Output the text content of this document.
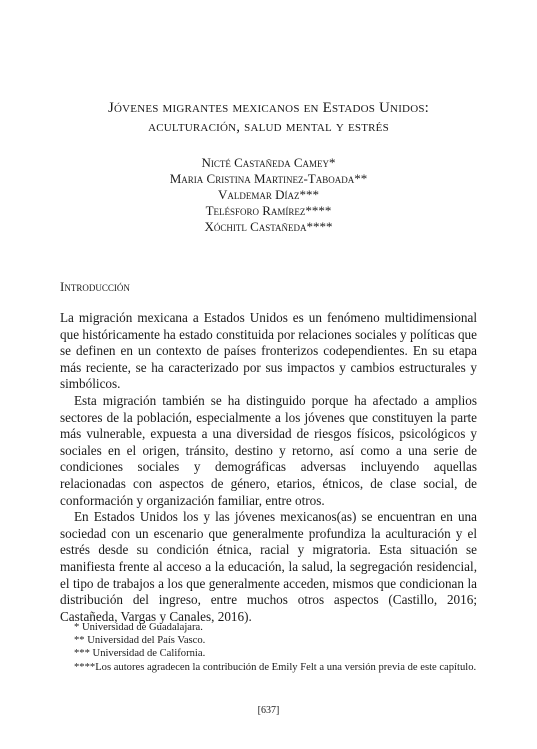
Jóvenes migrantes mexicanos en Estados Unidos:
aculturación, salud mental y estrés
Nicté Castañeda Camey*
Maria Cristina Martinez-Taboada**
Valdemar Díaz***
Telésforo Ramírez****
Xóchitl Castañeda****
Introducción

La migración mexicana a Estados Unidos es un fenómeno multidimensional que históricamente ha estado constituida por relaciones sociales y políticas que se definen en un contexto de países fronterizos codependientes. En su etapa más reciente, se ha caracterizado por sus impactos y cambios estructurales y simbólicos.

Esta migración también se ha distinguido porque ha afectado a amplios sectores de la población, especialmente a los jóvenes que constituyen la parte más vulnerable, expuesta a una diversidad de riesgos físicos, psicológicos y sociales en el origen, tránsito, destino y retorno, así como a una serie de condiciones sociales y demográficas adversas incluyendo aquellas relacionadas con aspectos de género, etarios, étnicos, de clase social, de conformación y organización familiar, entre otros.

En Estados Unidos los y las jóvenes mexicanos(as) se encuentran en una sociedad con un escenario que generalmente profundiza la aculturación y el estrés desde su condición étnica, racial y migratoria. Esta situación se manifiesta frente al acceso a la educación, la salud, la segregación residencial, el tipo de trabajos a los que generalmente acceden, mismos que condicionan la distribución del ingreso, entre muchos otros aspectos (Castillo, 2016; Castañeda, Vargas y Canales, 2016).

* Universidad de Guadalajara.

** Universidad del País Vasco.

*** Universidad de California.

****Los autores agradecen la contribución de Emily Felt a una versión previa de este capítulo.

[637]
